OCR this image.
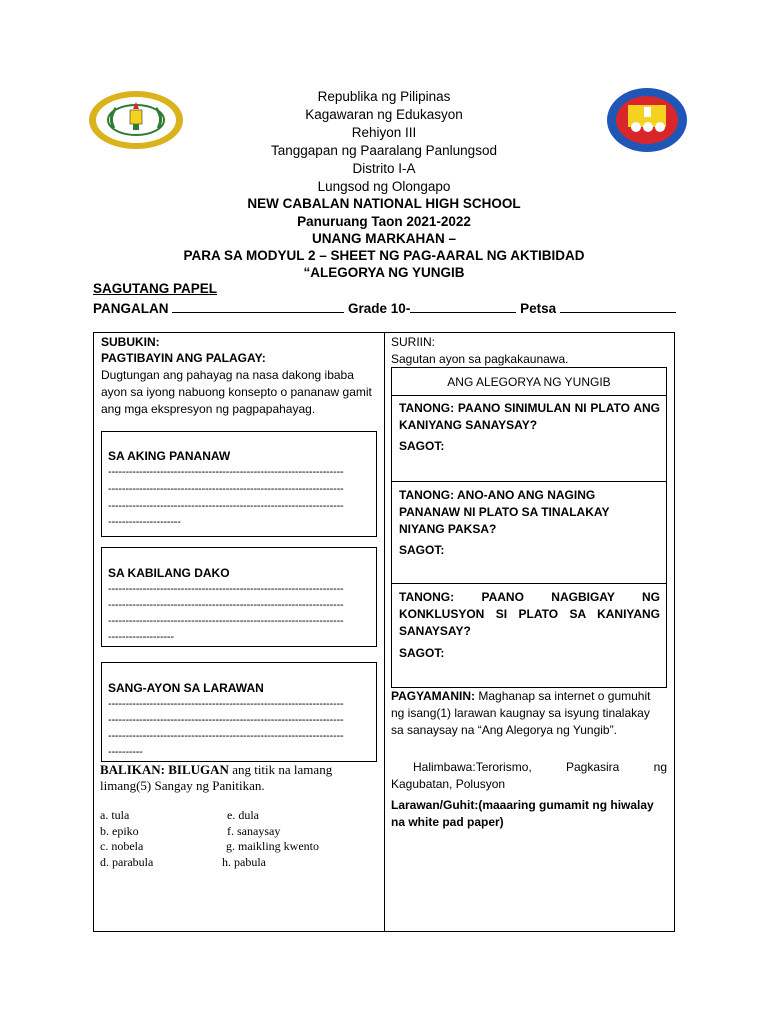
Republika ng Pilipinas
Kagawaran ng Edukasyon
Rehiyon III
Tanggapan ng Paaralang Panlungsod
Distrito I-A
Lungsod ng Olongapo
NEW CABALAN NATIONAL HIGH SCHOOL
Panuruang Taon 2021-2022
UNANG MARKAHAN –
PARA SA MODYUL 2 – SHEET NG PAG-AARAL NG AKTIBIDAD
“ALEGORYA NG YUNGIB
SAGUTANG PAPEL
PANGALAN	Grade 10-	Petsa
SUBUKIN:
PAGTIBAYIN ANG PALAGAY:
Dugtungan ang pahayag na nasa dakong ibaba ayon sa iyong nabuong konsepto o pananaw gamit ang mga ekspresyon ng pagpapahayag.
SA AKING PANANAW
--------------------------------------------------------------------
--------------------------------------------------------------------
--------------------------------------------------------------------
---------------------
SA KABILANG DAKO
--------------------------------------------------------------------
--------------------------------------------------------------------
--------------------------------------------------------------------
-------------------
SANG-AYON SA LARAWAN
--------------------------------------------------------------------
--------------------------------------------------------------------
--------------------------------------------------------------------
----------
BALIKAN: BILUGAN ang titik na lamang limang(5) Sangay ng Panitikan.
a. tula
b. epiko
c. nobela
d. parabula
e. dula
f. sanaysay
g. maikling kwento
h. pabula
SURIIN:
Sagutan ayon sa pagkakaunawa.
ANG ALEGORYA NG YUNGIB
TANONG: PAANO SINIMULAN NI PLATO ANG KANIYANG SANAYSAY?
SAGOT:
TANONG: ANO-ANO ANG NAGING PANANAW NI PLATO SA TINALAKAY NIYANG PAKSA?
SAGOT:
TANONG: PAANO NAGBIGAY NG KONKLUSYON SI PLATO SA KANIYANG SANAYSAY?
SAGOT:
PAGYAMANIN: Maghanap sa internet o gumuhit ng isang(1) larawan kaugnay sa isyung tinalakay sa sanaysay na “Ang Alegorya ng Yungib”.
Halimbawa:Terorismo, Pagkasira ng Kagubatan, Polusyon
Larawan/Guhit:(maaaring gumamit ng hiwalay na white pad paper)
